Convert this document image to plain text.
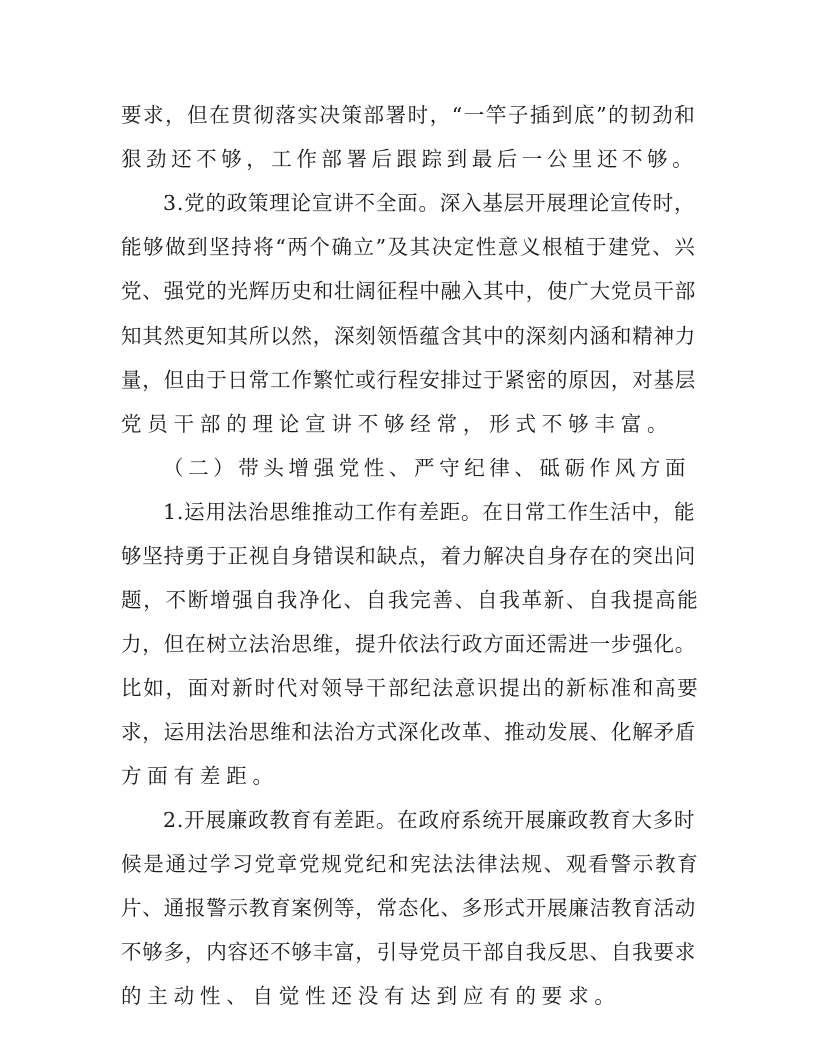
要求，但在贯彻落实决策部署时，“一竿子插到底”的韧劲和
狠劲还不够，工作部署后跟踪到最后一公里还不够。
3.党的政策理论宣讲不全面。深入基层开展理论宣传时，
能够做到坚持将“两个确立”及其决定性意义根植于建党、兴
党、强党的光辉历史和壮阔征程中融入其中，使广大党员干部
知其然更知其所以然，深刻领悟蕴含其中的深刻内涵和精神力
量，但由于日常工作繁忙或行程安排过于紧密的原因，对基层
党员干部的理论宣讲不够经常，形式不够丰富。
（二）带头增强党性、严守纪律、砥砺作风方面
1.运用法治思维推动工作有差距。在日常工作生活中，能
够坚持勇于正视自身错误和缺点，着力解决自身存在的突出问
题，不断增强自我净化、自我完善、自我革新、自我提高能
力，但在树立法治思维，提升依法行政方面还需进一步强化。
比如，面对新时代对领导干部纪法意识提出的新标准和高要
求，运用法治思维和法治方式深化改革、推动发展、化解矛盾
方面有差距。
2.开展廉政教育有差距。在政府系统开展廉政教育大多时
候是通过学习党章党规党纪和宪法法律法规、观看警示教育
片、通报警示教育案例等，常态化、多形式开展廉洁教育活动
不够多，内容还不够丰富，引导党员干部自我反思、自我要求
的主动性、自觉性还没有达到应有的要求。
